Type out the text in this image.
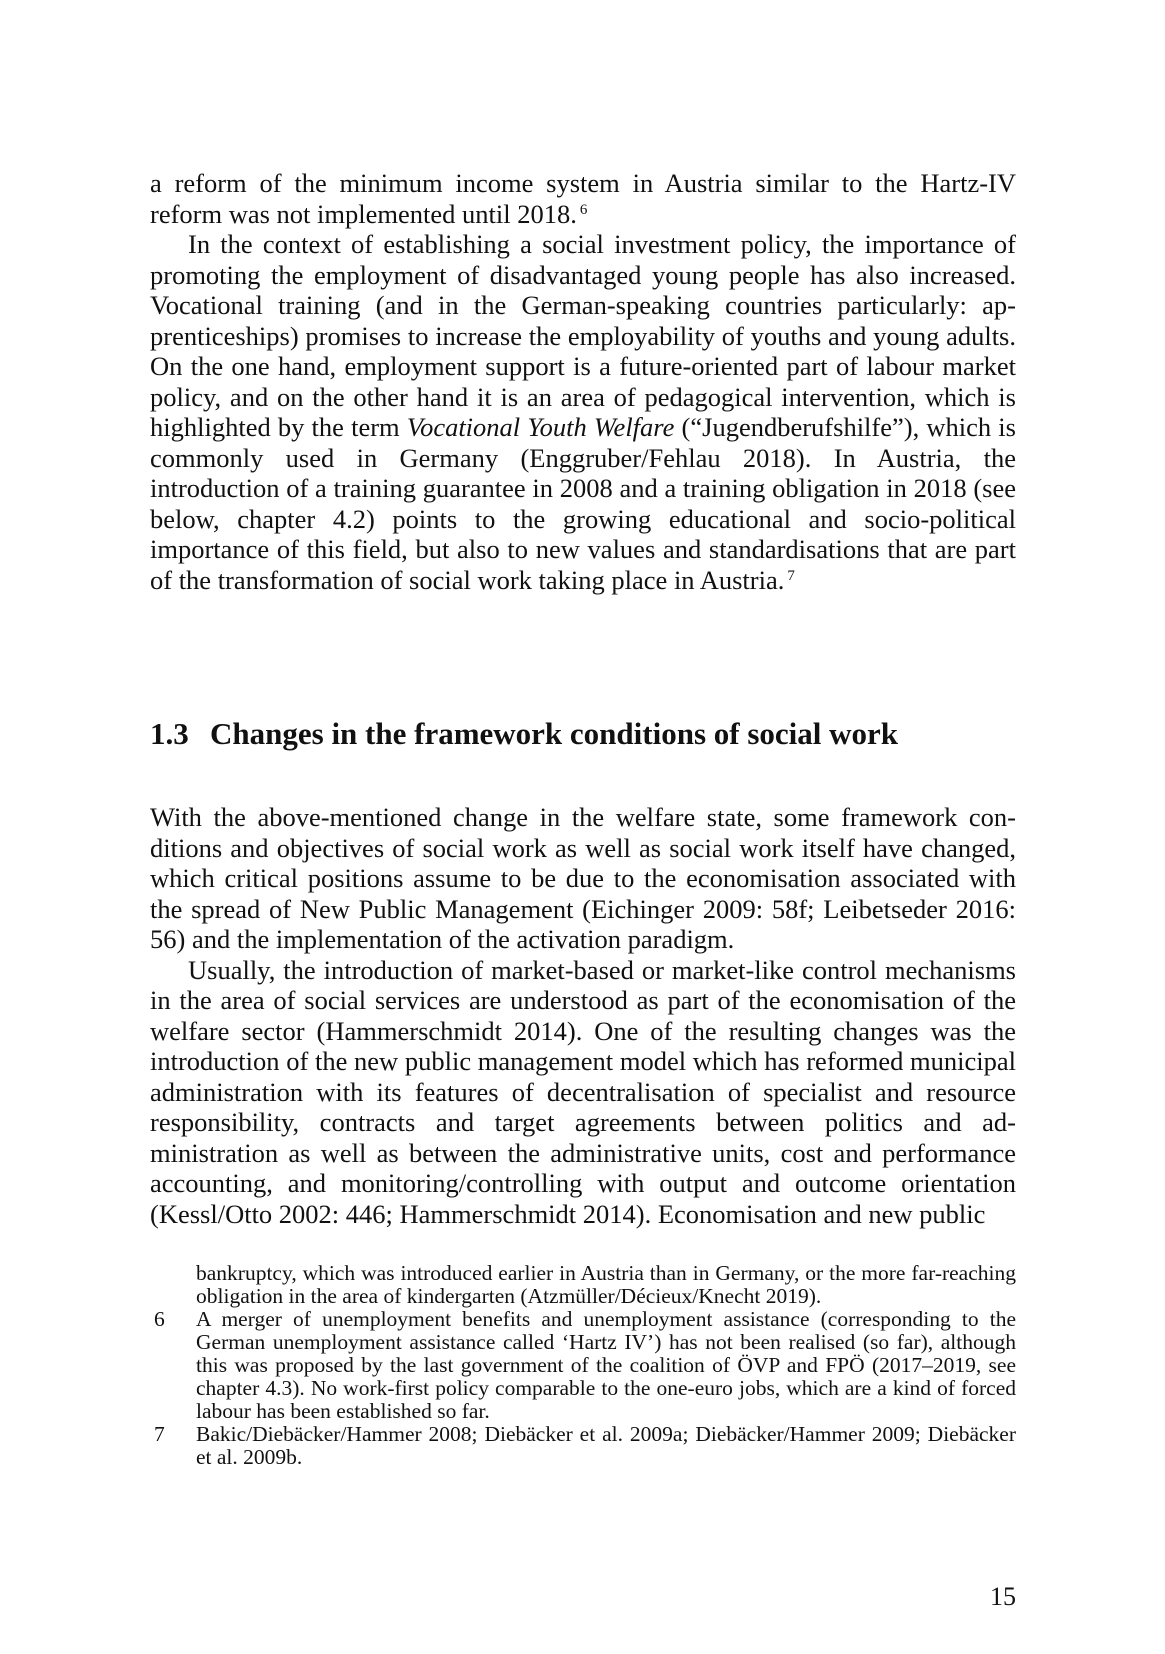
a reform of the minimum income system in Austria similar to the Hartz-IV reform was not implemented until 2018. $^6$

In the context of establishing a social investment policy, the importance of promoting the employment of disadvantaged young people has also increased. Vocational training (and in the German-speaking countries particularly: apprenticeships) promises to increase the employability of youths and young adults. On the one hand, employment support is a future-oriented part of labour market policy, and on the other hand it is an area of pedagogical intervention, which is highlighted by the term Vocational Youth Welfare (“Jugendberufshilfe”), which is commonly used in Germany (Enggruber/Fehlau 2018). In Austria, the introduction of a training guarantee in 2008 and a training obligation in 2018 (see below, chapter 4.2) points to the growing educational and socio-political importance of this field, but also to new values and standardisations that are part of the transformation of social work taking place in Austria. $^7$

1.3 Changes in the framework conditions of social work

With the above-mentioned change in the welfare state, some framework conditions and objectives of social work as well as social work itself have changed, which critical positions assume to be due to the economisation associated with the spread of New Public Management (Eichinger 2009: 58f; Leibetseder 2016: 56) and the implementation of the activation paradigm.

Usually, the introduction of market-based or market-like control mechanisms in the area of social services are understood as part of the economisation of the welfare sector (Hammerschmidt 2014). One of the resulting changes was the introduction of the new public management model which has reformed municipal administration with its features of decentralisation of specialist and resource responsibility, contracts and target agreements between politics and administration as well as between the administrative units, cost and performance accounting, and monitoring/controlling with output and outcome orientation (Kessl/Otto 2002: 446; Hammerschmidt 2014). Economisation and new public

bankruptcy, which was introduced earlier in Austria than in Germany, or the more far-reaching obligation in the area of kindergarten (Atzmüller/Décieux/Knecht 2019).
6 A merger of unemployment benefits and unemployment assistance (corresponding to the German unemployment assistance called ‘Hartz IV’) has not been realised (so far), although this was proposed by the last government of the coalition of ÖVP and FPÖ (2017–2019, see chapter 4.3). No work-first policy comparable to the one-euro jobs, which are a kind of forced labour has been established so far.
7 Bakic/Diebäcker/Hammer 2008; Diebäcker et al. 2009a; Diebäcker/Hammer 2009; Diebäcker et al. 2009b.
15
